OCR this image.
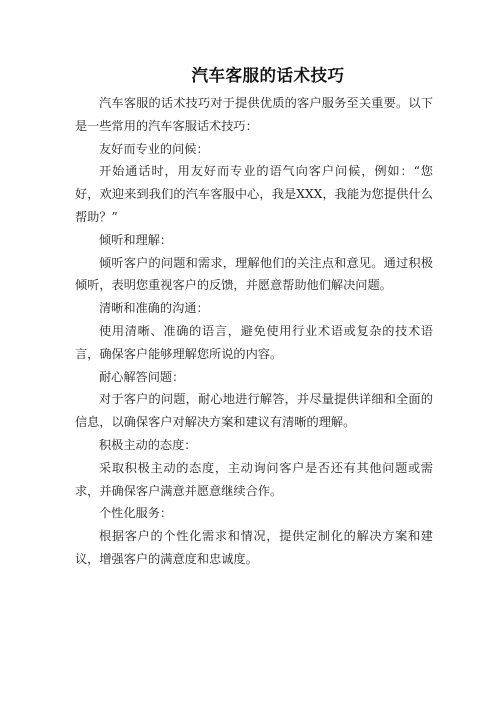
汽车客服的话术技巧

汽车客服的话术技巧对于提供优质的客户服务至关重要。以下是一些常用的汽车客服话术技巧：

友好而专业的问候：

开始通话时，用友好而专业的语气向客户问候，例如：“您好，欢迎来到我们的汽车客服中心，我是XXX，我能为您提供什么帮助？”

倾听和理解：

倾听客户的问题和需求，理解他们的关注点和意见。通过积极倾听，表明您重视客户的反馈，并愿意帮助他们解决问题。

清晰和准确的沟通：

使用清晰、准确的语言，避免使用行业术语或复杂的技术语言，确保客户能够理解您所说的内容。

耐心解答问题：

对于客户的问题，耐心地进行解答，并尽量提供详细和全面的信息，以确保客户对解决方案和建议有清晰的理解。

积极主动的态度：

采取积极主动的态度，主动询问客户是否还有其他问题或需求，并确保客户满意并愿意继续合作。

个性化服务：

根据客户的个性化需求和情况，提供定制化的解决方案和建议，增强客户的满意度和忠诚度。
